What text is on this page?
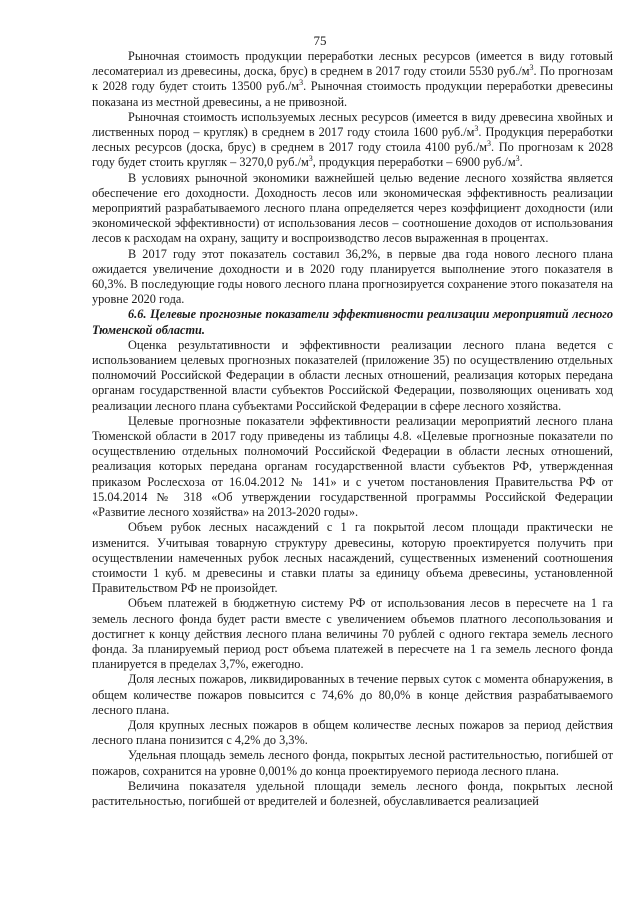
75

Рыночная стоимость продукции переработки лесных ресурсов (имеется в виду готовый лесоматериал из древесины, доска, брус) в среднем в 2017 году стоили 5530 $руб./м^3$. По прогнозам к 2028 году будет стоить 13500 $руб./м^3$. Рыночная стоимость продукции переработки древесины показана из местной древесины, а не привозной.

Рыночная стоимость используемых лесных ресурсов (имеется в виду древесина хвойных и лиственных пород – кругляк) в среднем в 2017 году стоила 1600 $руб./м^3$. Продукция переработки лесных ресурсов (доска, брус) в среднем в 2017 году стоила 4100 $руб./м^3$. По прогнозам к 2028 году будет стоить кругляк – 3270,0 $руб./м^3$, продукция переработки – 6900 $руб./м^3$.

В условиях рыночной экономики важнейшей целью ведение лесного хозяйства является обеспечение его доходности. Доходность лесов или экономическая эффективность реализации мероприятий разрабатываемого лесного плана определяется через коэффициент доходности (или экономической эффективности) от использования лесов – соотношение доходов от использования лесов к расходам на охрану, защиту и воспроизводство лесов выраженная в процентах.

В 2017 году этот показатель составил 36,2%, в первые два года нового лесного плана ожидается увеличение доходности и в 2020 году планируется выполнение этого показателя в 60,3%. В последующие годы нового лесного плана прогнозируется сохранение этого показателя на уровне 2020 года.

6.6. Целевые прогнозные показатели эффективности реализации мероприятий лесного Тюменской области.

Оценка результативности и эффективности реализации лесного плана ведется с использованием целевых прогнозных показателей (приложение 35) по осуществлению отдельных полномочий Российской Федерации в области лесных отношений, реализация которых передана органам государственной власти субъектов Российской Федерации, позволяющих оценивать ход реализации лесного плана субъектами Российской Федерации в сфере лесного хозяйства.

Целевые прогнозные показатели эффективности реализации мероприятий лесного плана Тюменской области в 2017 году приведены из таблицы 4.8. «Целевые прогнозные показатели по осуществлению отдельных полномочий Российской Федерации в области лесных отношений, реализация которых передана органам государственной власти субъектов РФ, утвержденная приказом Рослесхоза от 16.04.2012 № 141» и с учетом постановления Правительства РФ от 15.04.2014 № 318 «Об утверждении государственной программы Российской Федерации «Развитие лесного хозяйства» на 2013-2020 годы».

Объем рубок лесных насаждений с 1 га покрытой лесом площади практически не изменится. Учитывая товарную структуру древесины, которую проектируется получить при осуществлении намеченных рубок лесных насаждений, существенных изменений соотношения стоимости 1 куб. м древесины и ставки платы за единицу объема древесины, установленной Правительством РФ не произойдет.

Объем платежей в бюджетную систему РФ от использования лесов в пересчете на 1 га земель лесного фонда будет расти вместе с увеличением объемов платного лесопользования и достигнет к концу действия лесного плана величины 70 рублей с одного гектара земель лесного фонда. За планируемый период рост объема платежей в пересчете на 1 га земель лесного фонда планируется в пределах 3,7%, ежегодно.

Доля лесных пожаров, ликвидированных в течение первых суток с момента обнаружения, в общем количестве пожаров повысится с 74,6% до 80,0% в конце действия разрабатываемого лесного плана.

Доля крупных лесных пожаров в общем количестве лесных пожаров за период действия лесного плана понизится с 4,2% до 3,3%.

Удельная площадь земель лесного фонда, покрытых лесной растительностью, погибшей от пожаров, сохранится на уровне 0,001% до конца проектируемого периода лесного плана.

Величина показателя удельной площади земель лесного фонда, покрытых лесной растительностью, погибшей от вредителей и болезней, обуславливается реализацией
